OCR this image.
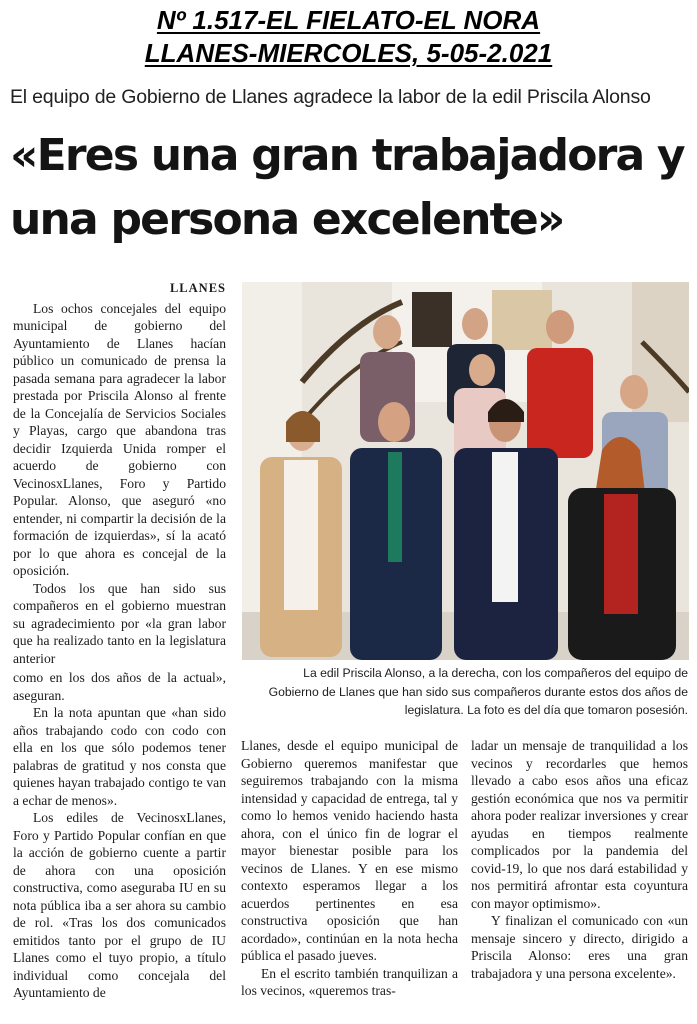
Nº 1.517-EL FIELATO-EL NORA
LLANES-MIERCOLES, 5-05-2.021
El equipo de Gobierno de Llanes agradece la labor de la edil Priscila Alonso
«Eres una gran trabajadora y
una persona excelente»
LLANES

Los ochos concejales del equipo municipal de gobierno del Ayuntamiento de Llanes hacían público un comunicado de prensa la pasada semana para agradecer la labor prestada por Priscila Alonso al frente de la Concejalía de Servicios Sociales y Playas, cargo que abandona tras decidir Izquierda Unida romper el acuerdo de gobierno con VecinosxLlanes, Foro y Partido Popular. Alonso, que aseguró «no entender, ni compartir la decisión de la formación de izquierdas», sí la acató por lo que ahora es concejal de la oposición.

Todos los que han sido sus compañeros en el gobierno muestran su agradecimiento por «la gran labor que ha realizado tanto en la legislatura anterior

La edil Priscila Alonso, a la derecha, con los compañeros del equipo de Gobierno de Llanes que han sido sus compañeros durante estos dos años de legislatura. La foto es del día que tomaron posesión.

como en los dos años de la actual», aseguran.

En la nota apuntan que «han sido años trabajando codo con codo con ella en los que sólo podemos tener palabras de gratitud y nos consta que quienes hayan trabajado contigo te van a echar de menos».

Los ediles de VecinosxLlanes, Foro y Partido Popular confían en que la acción de gobierno cuente a partir de ahora con una oposición constructiva, como aseguraba IU en su nota pública iba a ser ahora su cambio de rol. «Tras los dos comunicados emitidos tanto por el grupo de IU Llanes como el tuyo propio, a título individual como concejala del Ayuntamiento de

Llanes, desde el equipo municipal de Gobierno queremos manifestar que seguiremos trabajando con la misma intensidad y capacidad de entrega, tal y como lo hemos venido haciendo hasta ahora, con el único fin de lograr el mayor bienestar posible para los vecinos de Llanes. Y en ese mismo contexto esperamos llegar a los acuerdos pertinentes en esa constructiva oposición que han acordado», continúan en la nota hecha pública el pasado jueves.

En el escrito también tranquilizan a los vecinos, «queremos tras-

ladar un mensaje de tranquilidad a los vecinos y recordarles que hemos llevado a cabo esos años una eficaz gestión económica que nos va permitir ahora poder realizar inversiones y crear ayudas en tiempos realmente complicados por la pandemia del covid-19, lo que nos dará estabilidad y nos permitirá afrontar esta coyuntura con mayor optimismo».

Y finalizan el comunicado con «un mensaje sincero y directo, dirigido a Priscila Alonso: eres una gran trabajadora y una persona excelente».
